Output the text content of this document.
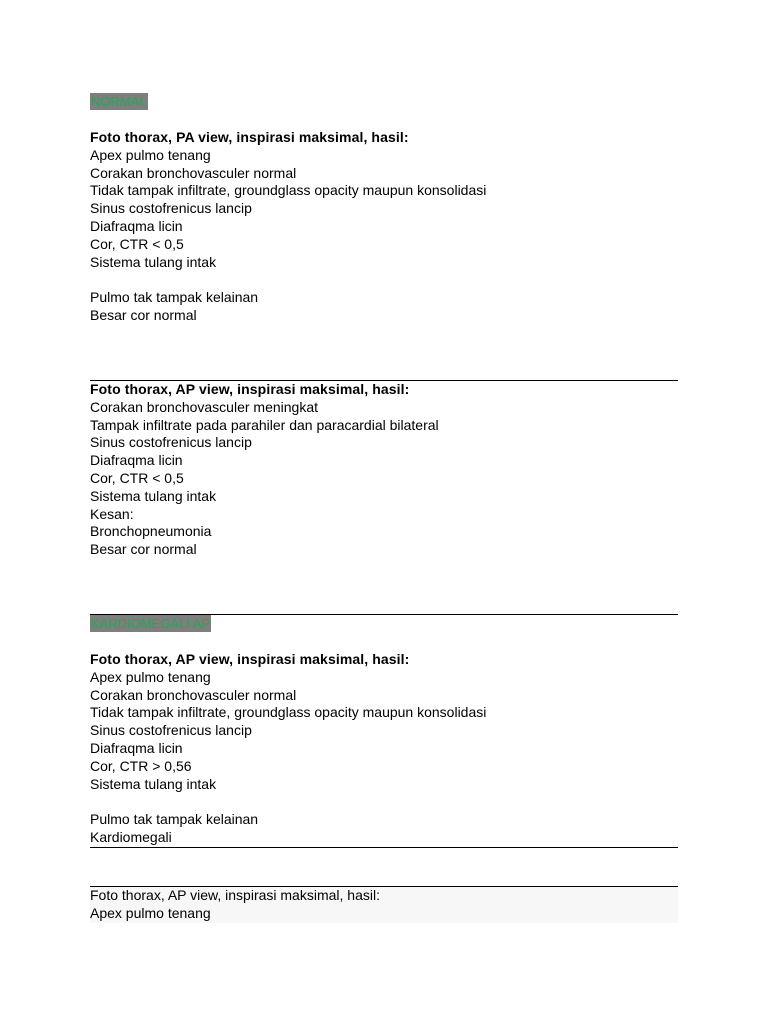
NORMAL
Foto thorax, PA view, inspirasi maksimal, hasil:
Apex pulmo tenang
Corakan bronchovasculer normal
Tidak tampak infiltrate, groundglass opacity maupun konsolidasi
Sinus costofrenicus lancip
Diafraqma licin
Cor, CTR < 0,5
Sistema tulang intak
Pulmo tak tampak kelainan
Besar cor normal
Foto thorax, AP view, inspirasi maksimal, hasil:
Corakan bronchovasculer meningkat
Tampak infiltrate pada parahiler dan paracardial bilateral
Sinus costofrenicus lancip
Diafraqma licin
Cor, CTR < 0,5
Sistema tulang intak
Kesan:
Bronchopneumonia
Besar cor normal
KARDIOMEGALI AP
Foto thorax, AP view, inspirasi maksimal, hasil:
Apex pulmo tenang
Corakan bronchovasculer normal
Tidak tampak infiltrate, groundglass opacity maupun konsolidasi
Sinus costofrenicus lancip
Diafraqma licin
Cor, CTR > 0,56
Sistema tulang intak
Pulmo tak tampak kelainan
Kardiomegali
Foto thorax, AP view, inspirasi maksimal, hasil:
Apex pulmo tenang
